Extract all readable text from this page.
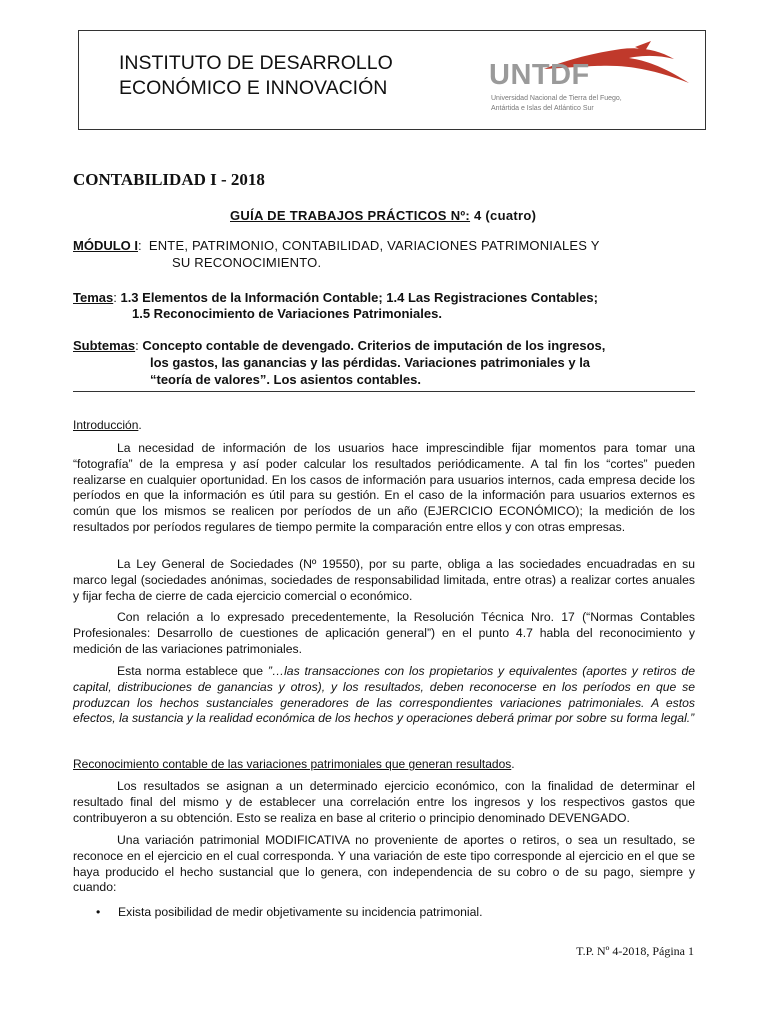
INSTITUTO DE DESARROLLO
ECONÓMICO E INNOVACIÓN	UNTDF
Universidad Nacional de Tierra del Fuego,
Antártida e Islas del Atlántico Sur
CONTABILIDAD I - 2018
GUÍA DE TRABAJOS PRÁCTICOS Nº: 4 (cuatro)
MÓDULO I:  ENTE, PATRIMONIO, CONTABILIDAD, VARIACIONES PATRIMONIALES Y
SU RECONOCIMIENTO.
Temas: 1.3 Elementos de la Información Contable; 1.4 Las Registraciones Contables;
1.5 Reconocimiento de Variaciones Patrimoniales.
Subtemas: Concepto contable de devengado. Criterios de imputación de los ingresos,
los gastos, las ganancias y las pérdidas. Variaciones patrimoniales y la
“teoría de valores”. Los asientos contables.
Introducción.

La necesidad de información de los usuarios hace imprescindible fijar momentos para tomar una “fotografía” de la empresa y así poder calcular los resultados periódicamente. A tal fin los “cortes” pueden realizarse en cualquier oportunidad. En los casos de información para usuarios internos, cada empresa decide los períodos en que la información es útil para su gestión. En el caso de la información para usuarios externos es común que los mismos se realicen por períodos de un año (EJERCICIO ECONÓMICO); la medición de los resultados por períodos regulares de tiempo permite la comparación entre ellos y con otras empresas.

La Ley General de Sociedades (Nº 19550), por su parte, obliga a las sociedades encuadradas en su marco legal (sociedades anónimas, sociedades de responsabilidad limitada, entre otras) a realizar cortes anuales y fijar fecha de cierre de cada ejercicio comercial o económico.

Con relación a lo expresado precedentemente, la Resolución Técnica Nro. 17 (“Normas Contables Profesionales: Desarrollo de cuestiones de aplicación general”) en el punto 4.7 habla del reconocimiento y medición de las variaciones patrimoniales.

Esta norma establece que ”…las transacciones con los propietarios y equivalentes (aportes y retiros de capital, distribuciones de ganancias y otros), y los resultados, deben reconocerse en los períodos en que se produzcan los hechos sustanciales generadores de las correspondientes variaciones patrimoniales. A estos efectos, la sustancia y la realidad económica de los hechos y operaciones deberá primar por sobre su forma legal.”

Reconocimiento contable de las variaciones patrimoniales que generan resultados.

Los resultados se asignan a un determinado ejercicio económico, con la finalidad de determinar el resultado final del mismo y de establecer una correlación entre los ingresos y los respectivos gastos que contribuyeron a su obtención. Esto se realiza en base al criterio o principio denominado DEVENGADO.

Una variación patrimonial MODIFICATIVA no proveniente de aportes o retiros, o sea un resultado, se reconoce en el ejercicio en el cual corresponda. Y una variación de este tipo corresponde al ejercicio en el que se haya producido el hecho sustancial que lo genera, con independencia de su cobro o de su pago, siempre y cuando:

• Exista posibilidad de medir objetivamente su incidencia patrimonial.
T.P. Nº 4-2018, Página 1
